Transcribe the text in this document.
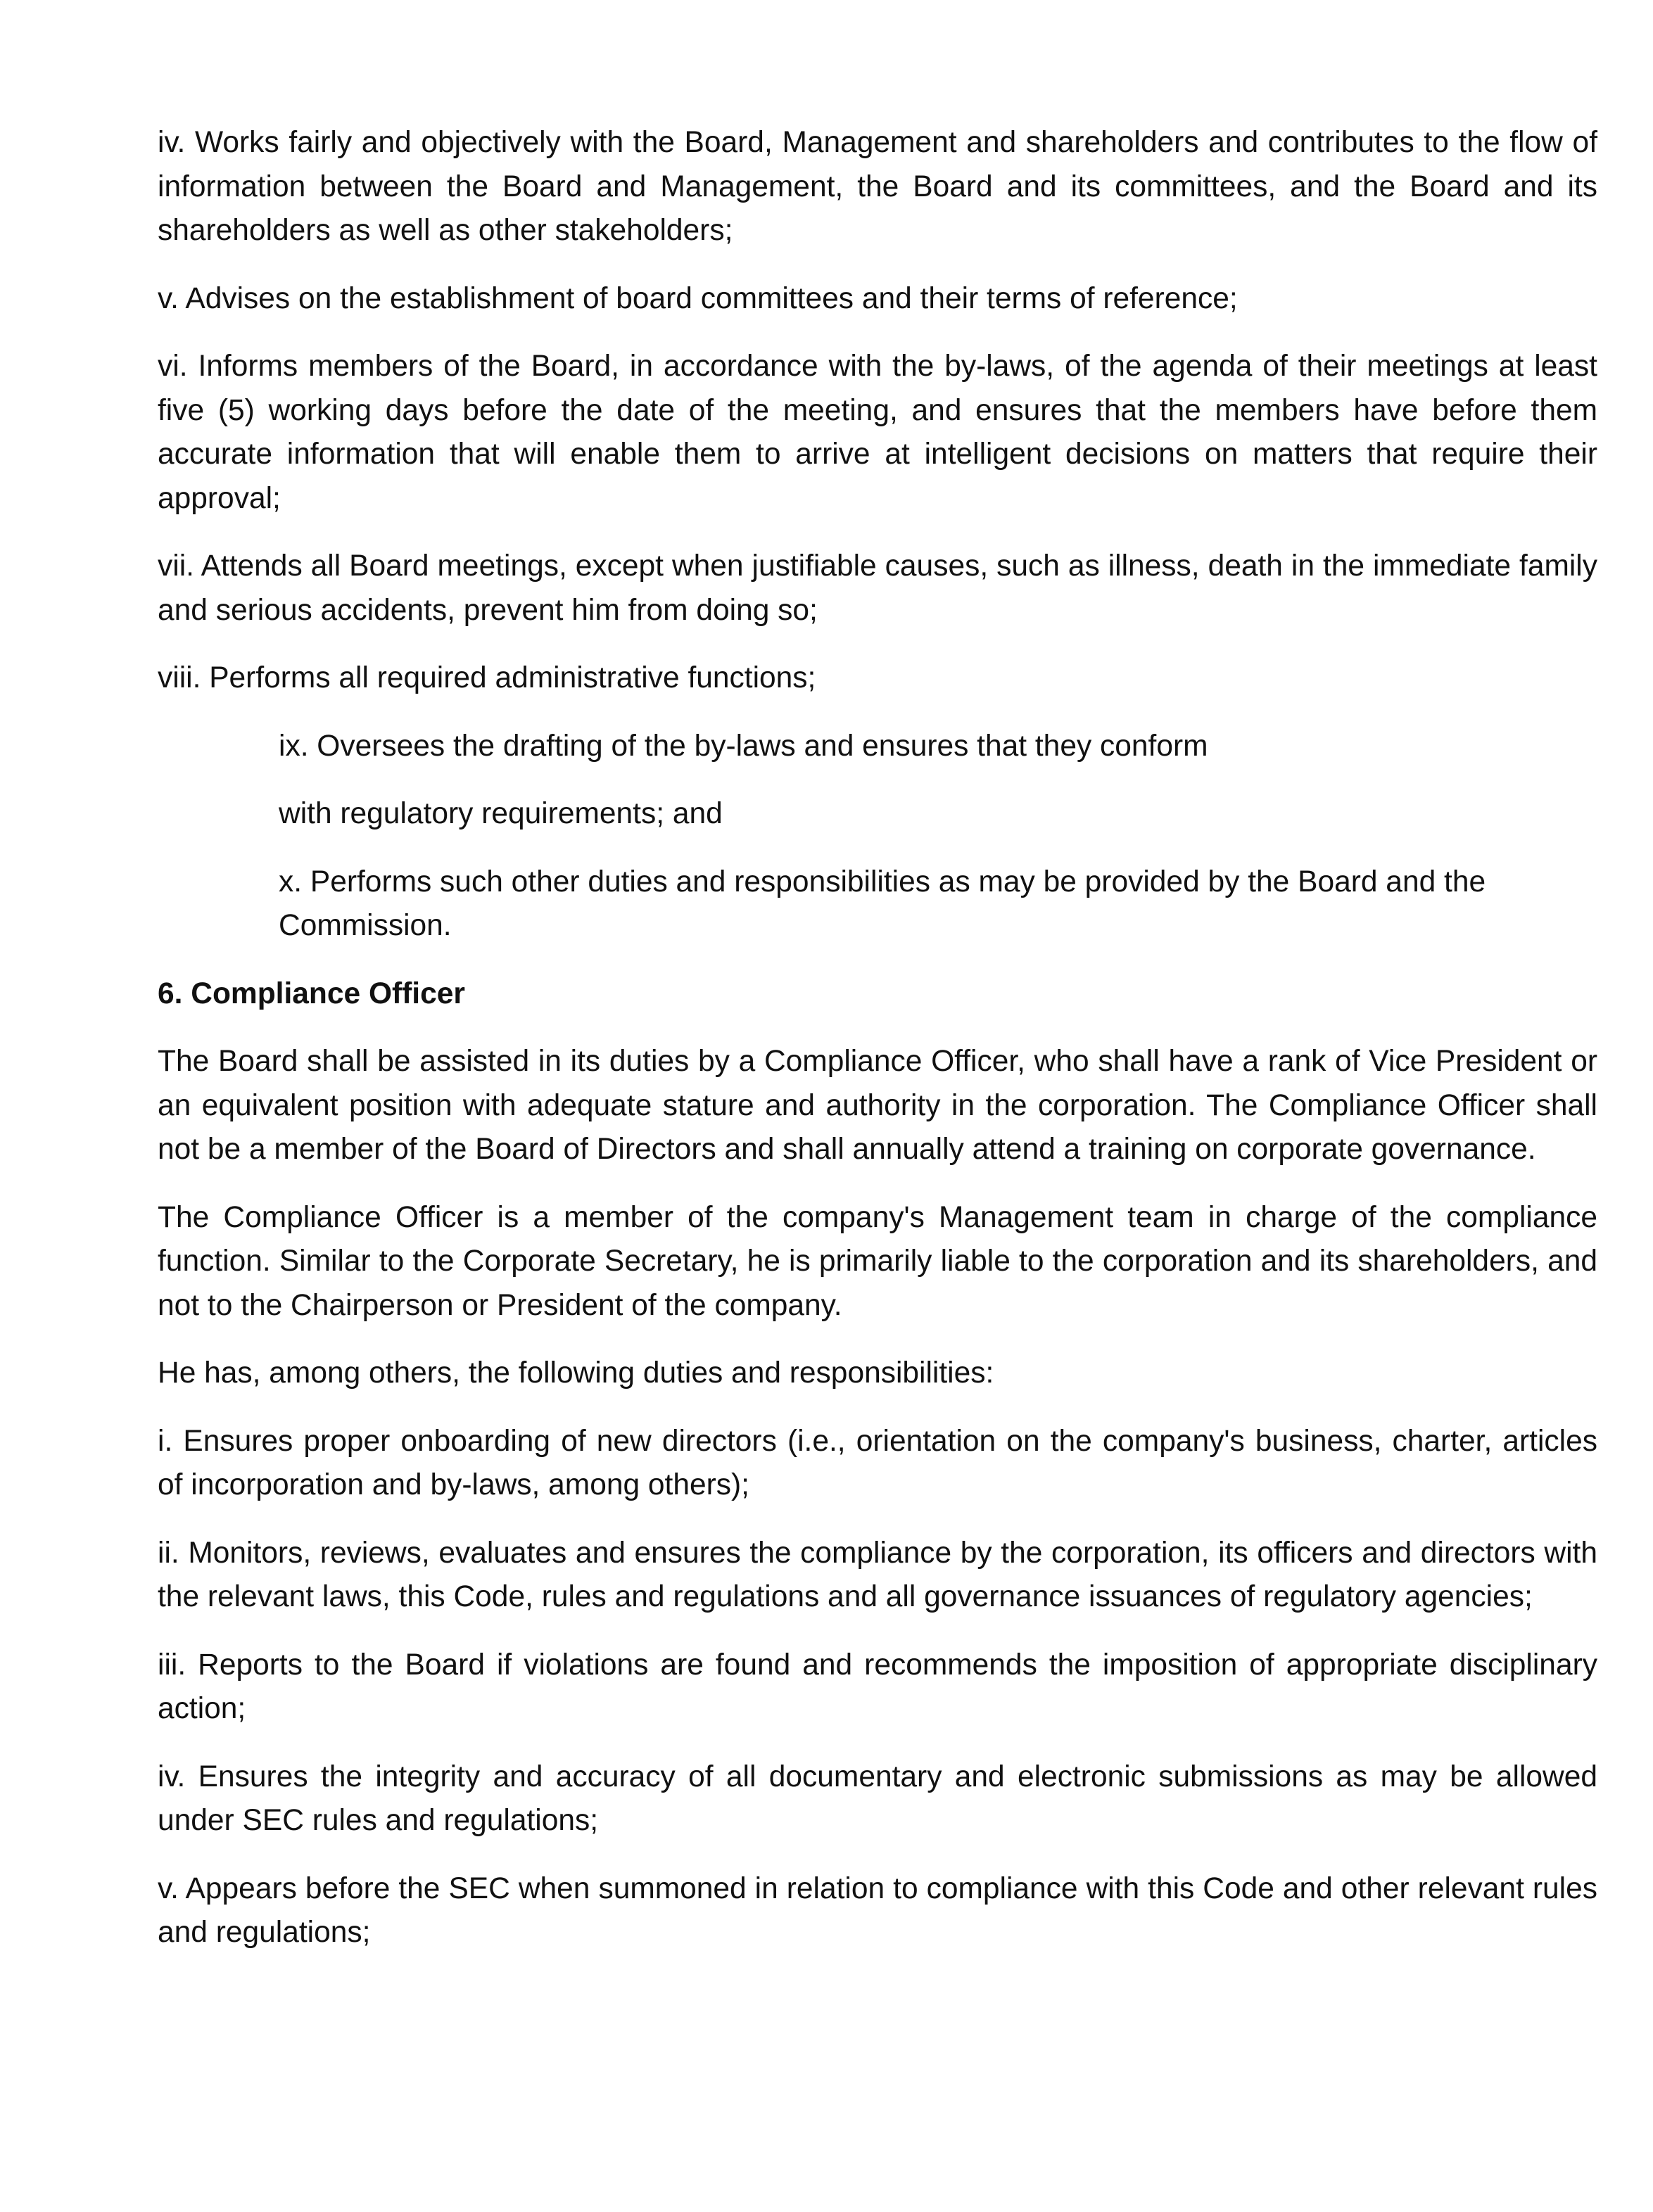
iv. Works fairly and objectively with the Board, Management and shareholders and contributes to the flow of information between the Board and Management, the Board and its committees, and the Board and its shareholders as well as other stakeholders;

v. Advises on the establishment of board committees and their terms of reference;

vi. Informs members of the Board, in accordance with the by-laws, of the agenda of their meetings at least five (5) working days before the date of the meeting, and ensures that the members have before them accurate information that will enable them to arrive at intelligent decisions on matters that require their approval;

vii. Attends all Board meetings, except when justifiable causes, such as illness, death in the immediate family and serious accidents, prevent him from doing so;

viii. Performs all required administrative functions;

ix. Oversees the drafting of the by-laws and ensures that they conform

with regulatory requirements; and

x. Performs such other duties and responsibilities as may be provided by the Board and the Commission.

6. Compliance Officer

The Board shall be assisted in its duties by a Compliance Officer, who shall have a rank of Vice President or an equivalent position with adequate stature and authority in the corporation. The Compliance Officer shall not be a member of the Board of Directors and shall annually attend a training on corporate governance.

The Compliance Officer is a member of the company's Management team in charge of the compliance function. Similar to the Corporate Secretary, he is primarily liable to the corporation and its shareholders, and not to the Chairperson or President of the company.

He has, among others, the following duties and responsibilities:

i. Ensures proper onboarding of new directors (i.e., orientation on the company's business, charter, articles of incorporation and by-laws, among others);

ii. Monitors, reviews, evaluates and ensures the compliance by the corporation, its officers and directors with the relevant laws, this Code, rules and regulations and all governance issuances of regulatory agencies;

iii. Reports to the Board if violations are found and recommends the imposition of appropriate disciplinary action;

iv. Ensures the integrity and accuracy of all documentary and electronic submissions as may be allowed under SEC rules and regulations;

v. Appears before the SEC when summoned in relation to compliance with this Code and other relevant rules and regulations;
